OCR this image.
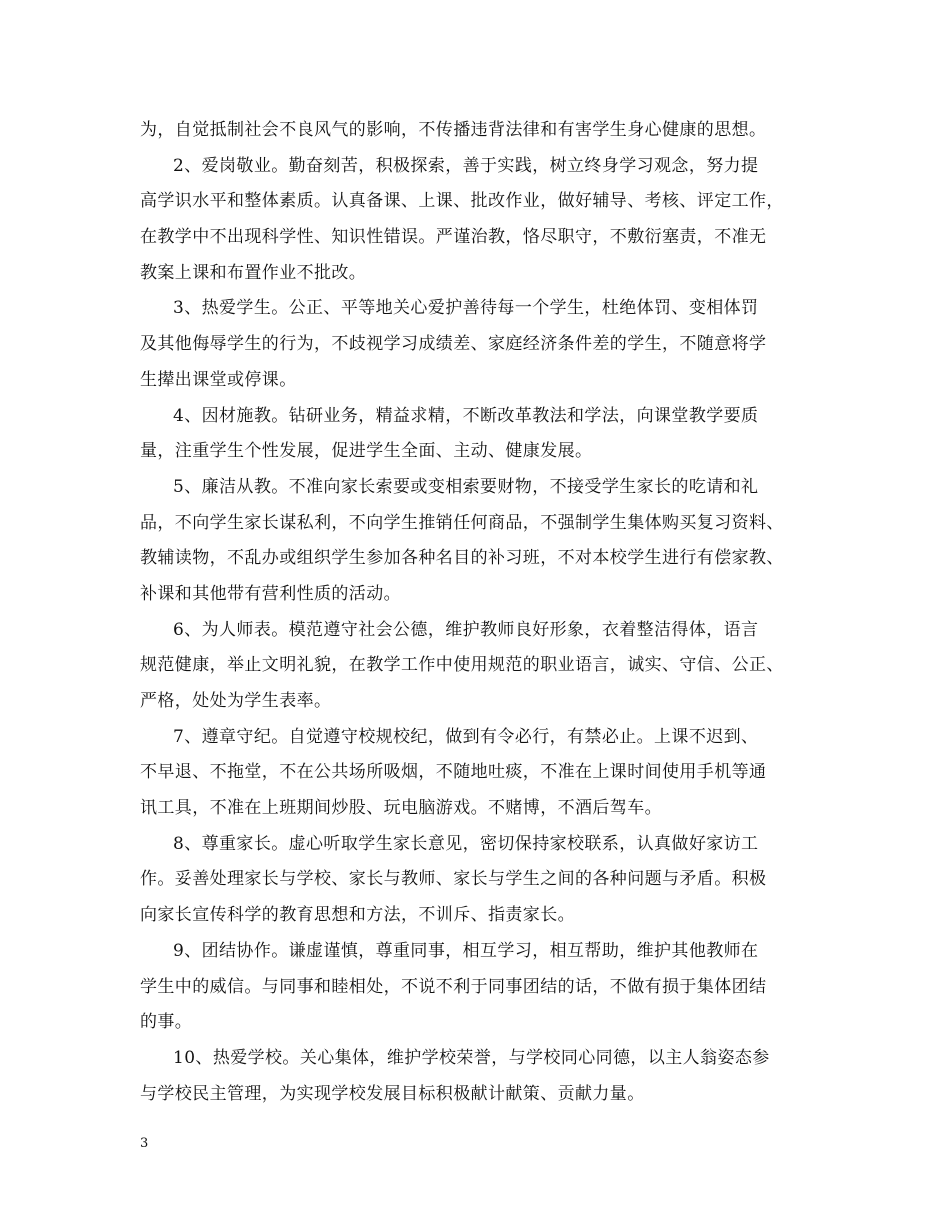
为，自觉抵制社会不良风气的影响，不传播违背法律和有害学生身心健康的思想。
2、爱岗敬业。勤奋刻苦，积极探索，善于实践，树立终身学习观念，努力提
高学识水平和整体素质。认真备课、上课、批改作业，做好辅导、考核、评定工作，
在教学中不出现科学性、知识性错误。严谨治教，恪尽职守，不敷衍塞责，不准无
教案上课和布置作业不批改。
3、热爱学生。公正、平等地关心爱护善待每一个学生，杜绝体罚、变相体罚
及其他侮辱学生的行为，不歧视学习成绩差、家庭经济条件差的学生，不随意将学
生撵出课堂或停课。
4、因材施教。钻研业务，精益求精，不断改革教法和学法，向课堂教学要质
量，注重学生个性发展，促进学生全面、主动、健康发展。
5、廉洁从教。不准向家长索要或变相索要财物，不接受学生家长的吃请和礼
品，不向学生家长谋私利，不向学生推销任何商品，不强制学生集体购买复习资料、
教辅读物，不乱办或组织学生参加各种名目的补习班，不对本校学生进行有偿家教、
补课和其他带有营利性质的活动。
6、为人师表。模范遵守社会公德，维护教师良好形象，衣着整洁得体，语言
规范健康，举止文明礼貌，在教学工作中使用规范的职业语言，诚实、守信、公正、
严格，处处为学生表率。
7、遵章守纪。自觉遵守校规校纪，做到有令必行，有禁必止。上课不迟到、
不早退、不拖堂，不在公共场所吸烟，不随地吐痰，不准在上课时间使用手机等通
讯工具，不准在上班期间炒股、玩电脑游戏。不赌博，不酒后驾车。
8、尊重家长。虚心听取学生家长意见，密切保持家校联系，认真做好家访工
作。妥善处理家长与学校、家长与教师、家长与学生之间的各种问题与矛盾。积极
向家长宣传科学的教育思想和方法，不训斥、指责家长。
9、团结协作。谦虚谨慎，尊重同事，相互学习，相互帮助，维护其他教师在
学生中的威信。与同事和睦相处，不说不利于同事团结的话，不做有损于集体团结
的事。
10、热爱学校。关心集体，维护学校荣誉，与学校同心同德，以主人翁姿态参
与学校民主管理，为实现学校发展目标积极献计献策、贡献力量。
3
